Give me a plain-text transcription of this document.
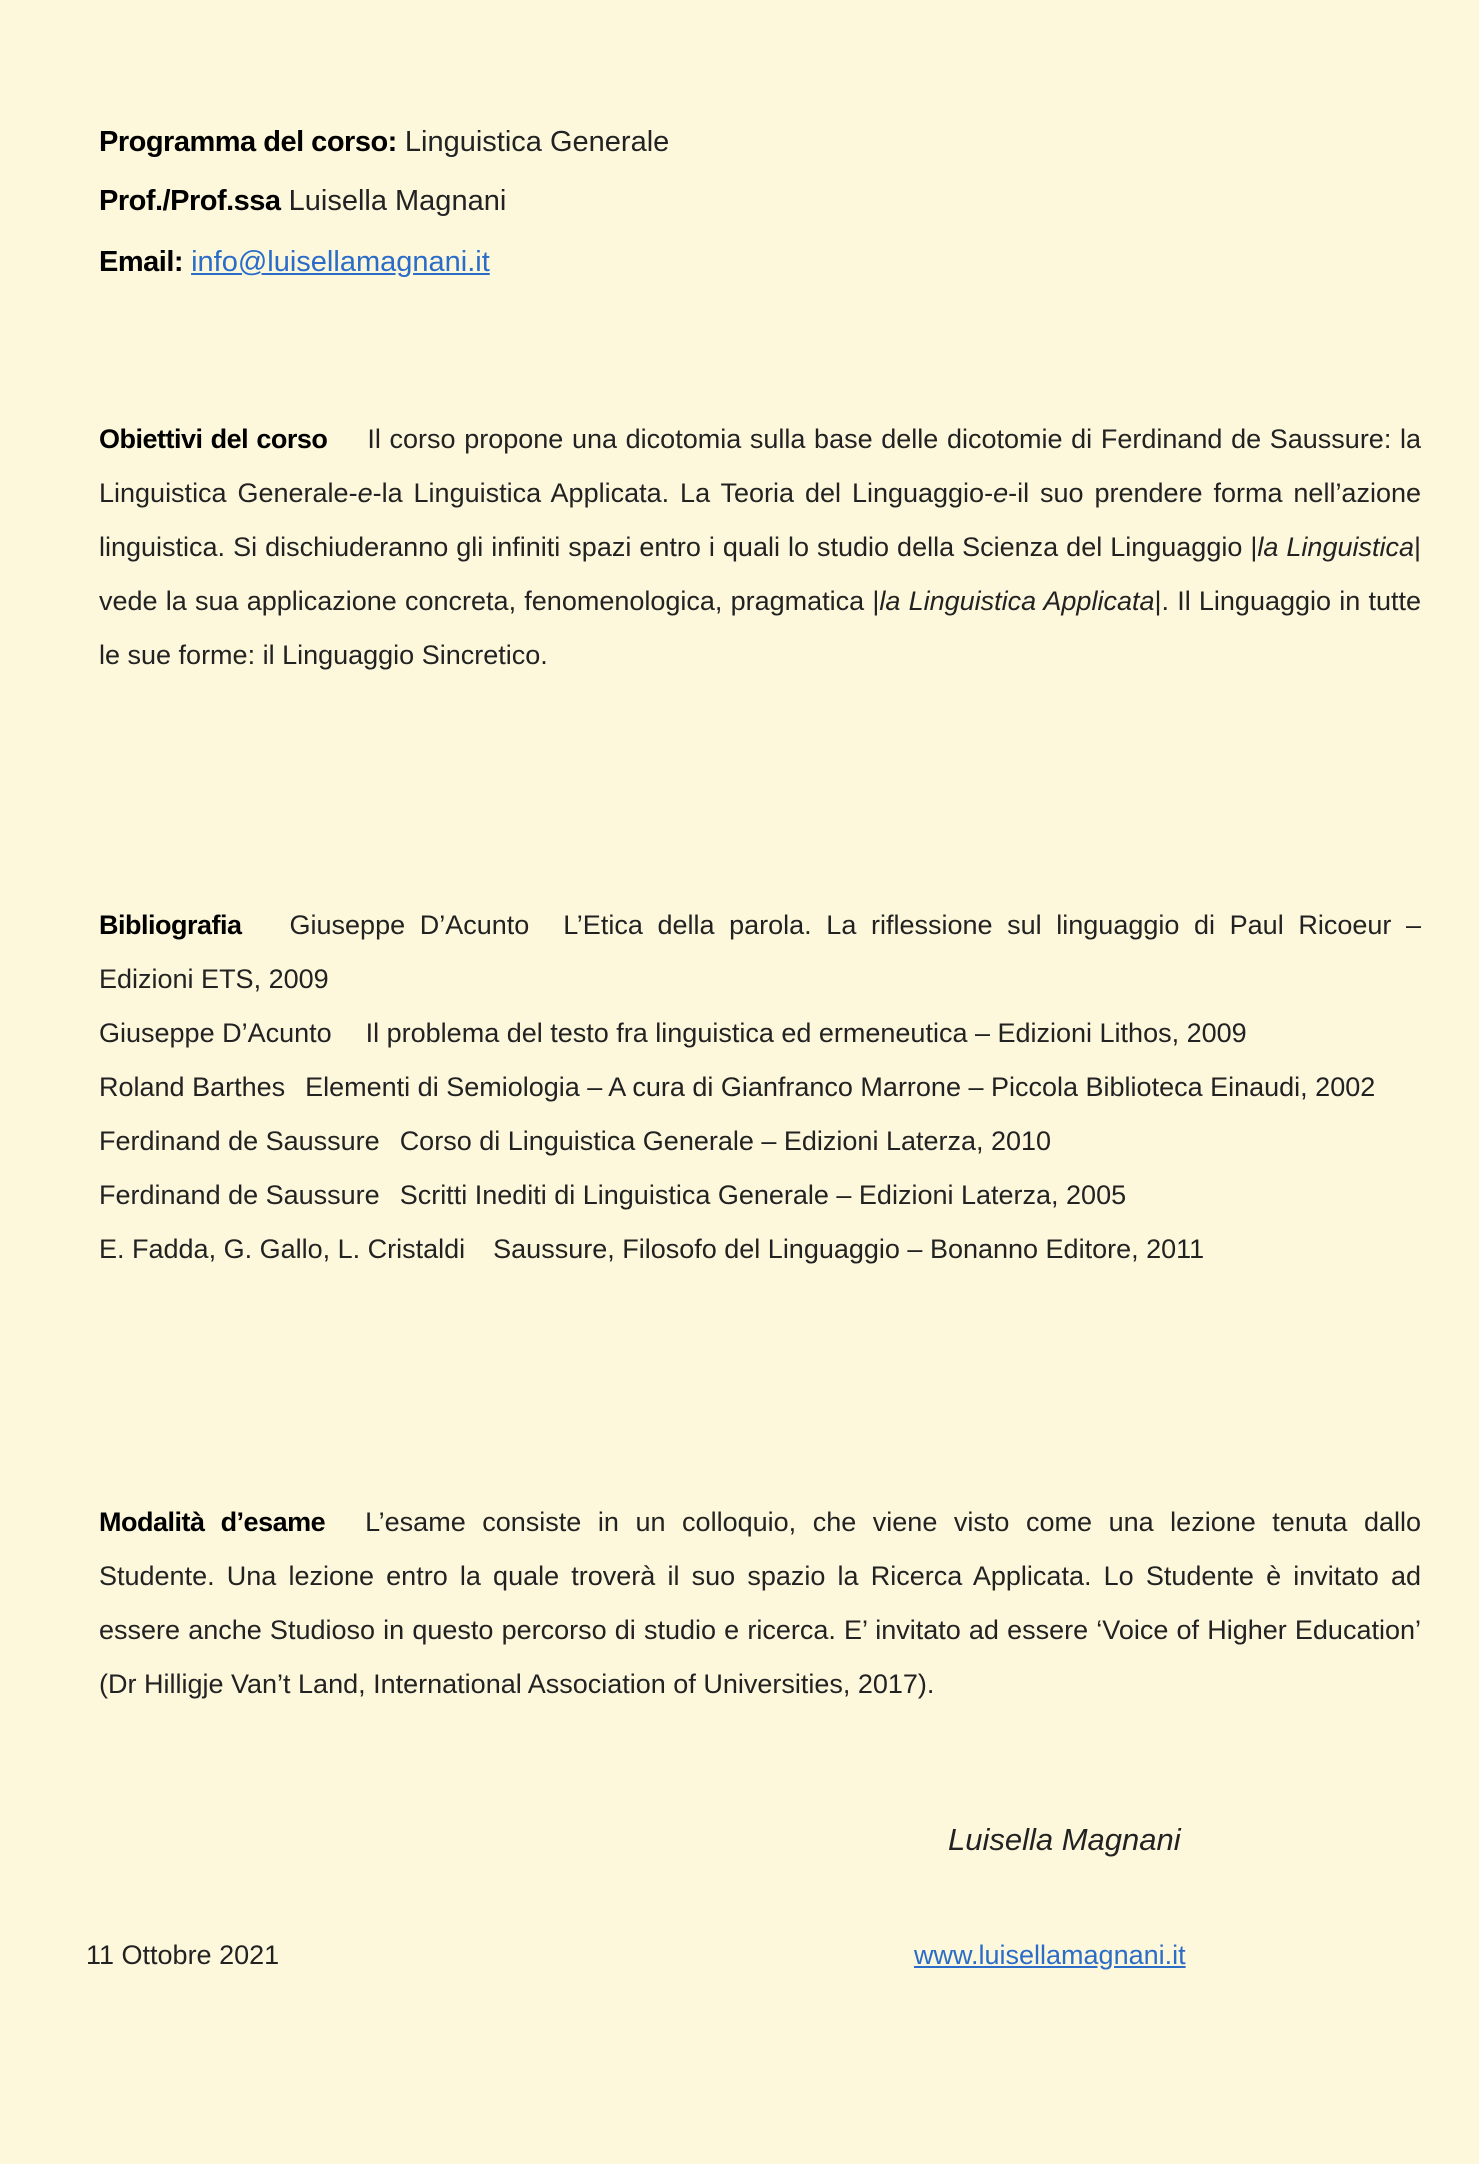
Programma del corso: Linguistica Generale
Prof./Prof.ssa Luisella Magnani
Email: info@luisellamagnani.it
Obiettivi del corso Il corso propone una dicotomia sulla base delle dicotomie di Ferdinand de Saussure: la Linguistica Generale-e-la Linguistica Applicata. La Teoria del Linguaggio-e-il suo prendere forma nell’azione linguistica. Si dischiuderanno gli infiniti spazi entro i quali lo studio della Scienza del Linguaggio |la Linguistica| vede la sua applicazione concreta, fenomenologica, pragmatica |la Linguistica Applicata|. Il Linguaggio in tutte le sue forme: il Linguaggio Sincretico.
Bibliografia Giuseppe D’Acunto L’Etica della parola. La riflessione sul linguaggio di Paul Ricoeur – Edizioni ETS, 2009
Giuseppe D’Acunto Il problema del testo fra linguistica ed ermeneutica – Edizioni Lithos, 2009
Roland Barthes Elementi di Semiologia – A cura di Gianfranco Marrone – Piccola Biblioteca Einaudi, 2002
Ferdinand de Saussure Corso di Linguistica Generale – Edizioni Laterza, 2010
Ferdinand de Saussure Scritti Inediti di Linguistica Generale – Edizioni Laterza, 2005
E. Fadda, G. Gallo, L. Cristaldi Saussure, Filosofo del Linguaggio – Bonanno Editore, 2011
Modalità d’esame L’esame consiste in un colloquio, che viene visto come una lezione tenuta dallo Studente. Una lezione entro la quale troverà il suo spazio la Ricerca Applicata. Lo Studente è invitato ad essere anche Studioso in questo percorso di studio e ricerca. E’ invitato ad essere ‘Voice of Higher Education’ (Dr Hilligje Van’t Land, International Association of Universities, 2017).
Luisella Magnani
11 Ottobre 2021	www.luisellamagnani.it
